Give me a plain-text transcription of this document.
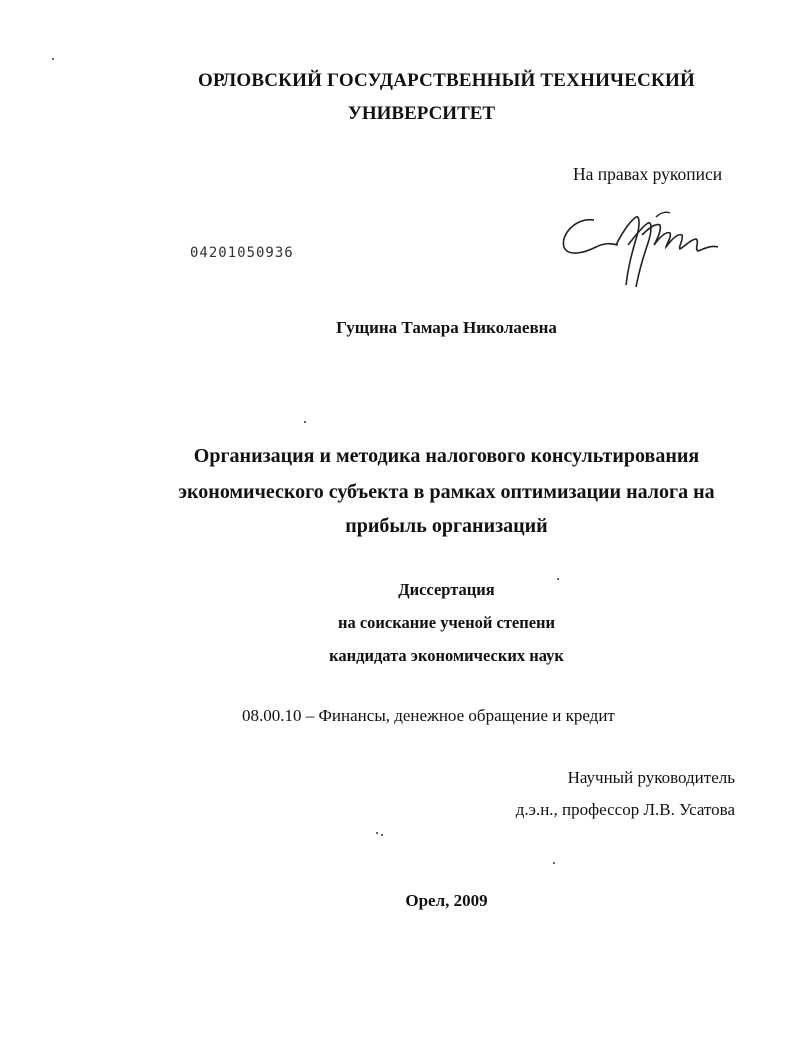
ОРЛОВСКИЙ ГОСУДАРСТВЕННЫЙ ТЕХНИЧЕСКИЙ
УНИВЕРСИТЕТ
На правах рукописи
04201050936
Гущина Тамара Николаевна
Организация и методика налогового консультирования
экономического субъекта в рамках оптимизации налога на
прибыль организаций
Диссертация
на соискание ученой степени
кандидата экономических наук
08.00.10 – Финансы, денежное обращение и кредит
Научный руководитель
д.э.н., профессор Л.В. Усатова
Орел, 2009
